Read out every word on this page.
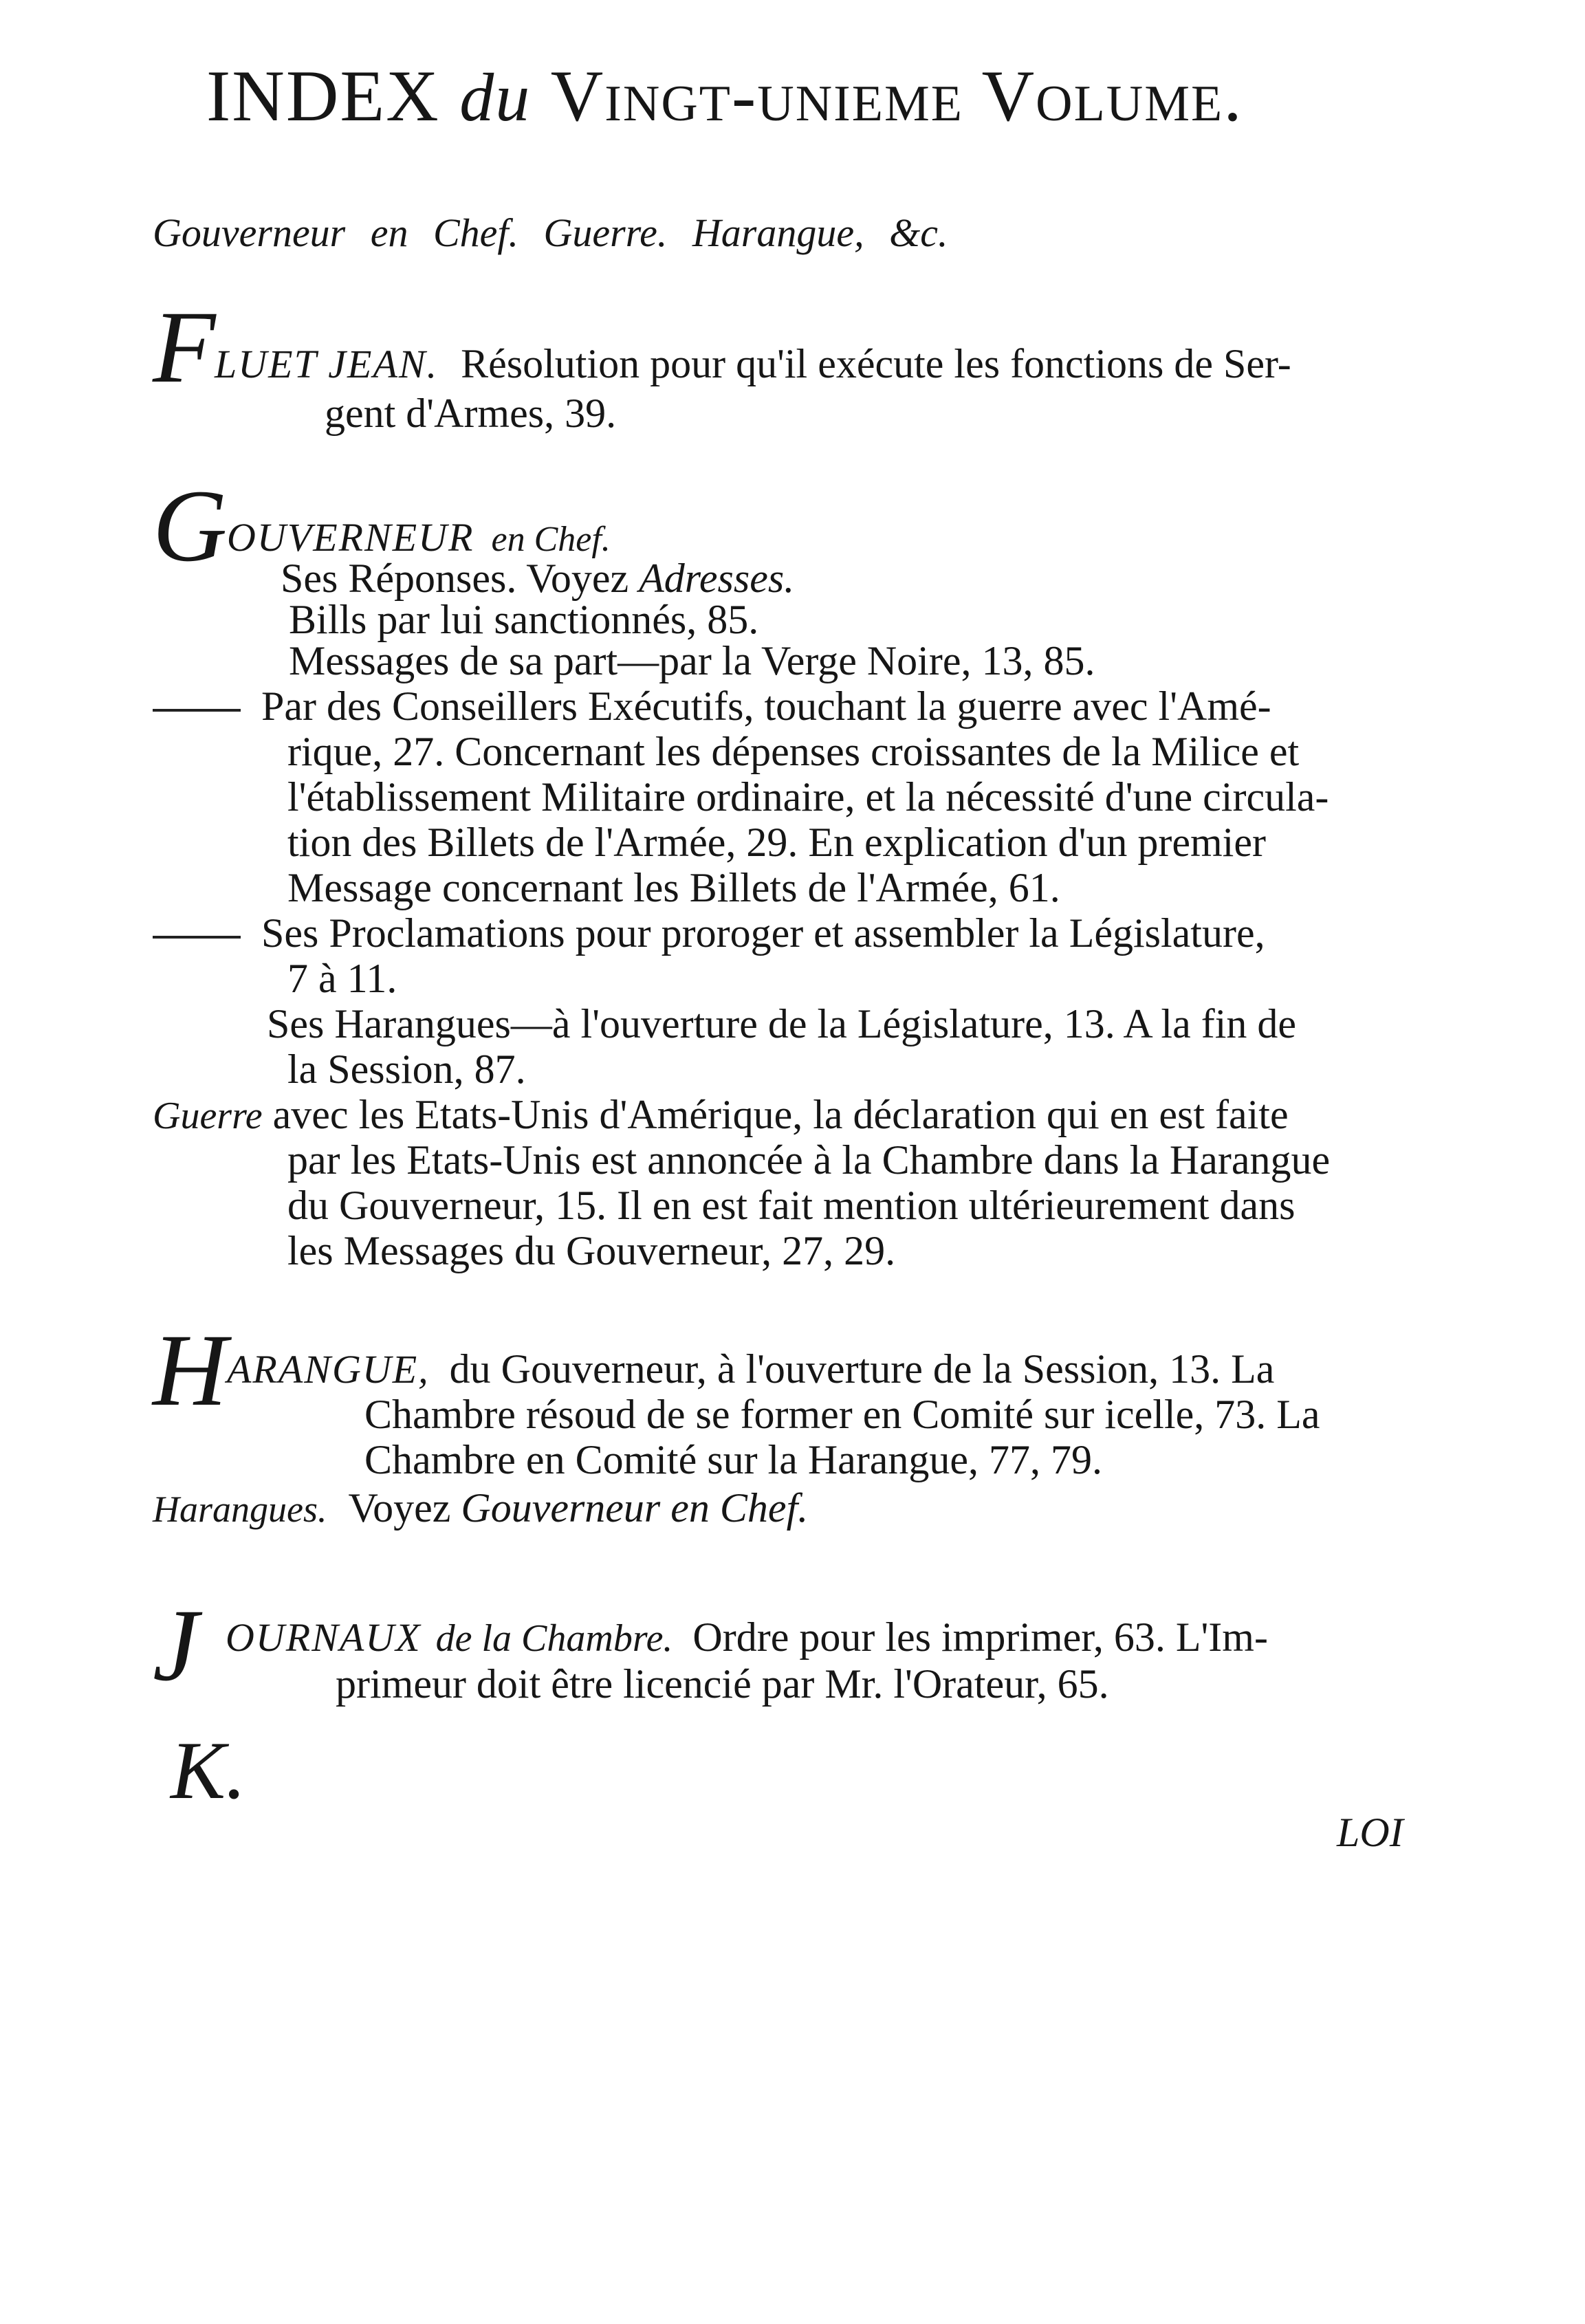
INDEX du Vingt-unieme Volume.
Gouverneur en Chef. Guerre. Harangue, &c.
F
LUET JEAN. Résolution pour qu'il exécute les fonctions de Ser-
gent d'Armes, 39.
G OUVERNEUR en Chef.
Ses Réponses. Voyez Adresses.
Bills par lui sanctionnés, 85.
Messages de sa part—par la Verge Noire, 13, 85.
Par des Conseillers Exécutifs, touchant la guerre avec l'Amé-
rique, 27. Concernant les dépenses croissantes de la Milice et
l'établissement Militaire ordinaire, et la nécessité d'une circula-
tion des Billets de l'Armée, 29. En explication d'un premier
Message concernant les Billets de l'Armée, 61.
Ses Proclamations pour proroger et assembler la Législature,
7 à 11.
Ses Harangues—à l'ouverture de la Législature, 13. A la fin de
la Session, 87.
Guerre avec les Etats-Unis d'Amérique, la déclaration qui en est faite
par les Etats-Unis est annoncée à la Chambre dans la Harangue
du Gouverneur, 15. Il en est fait mention ultérieurement dans
les Messages du Gouverneur, 27, 29.
H ARANGUE, du Gouverneur, à l'ouverture de la Session, 13. La
Chambre résoud de se former en Comité sur icelle, 73. La
Chambre en Comité sur la Harangue, 77, 79.
Harangues. Voyez Gouverneur en Chef.
J OURNAUX de la Chambre. Ordre pour les imprimer, 63. L'Im-
primeur doit être licencié par Mr. l'Orateur, 65.
K.
LOI
